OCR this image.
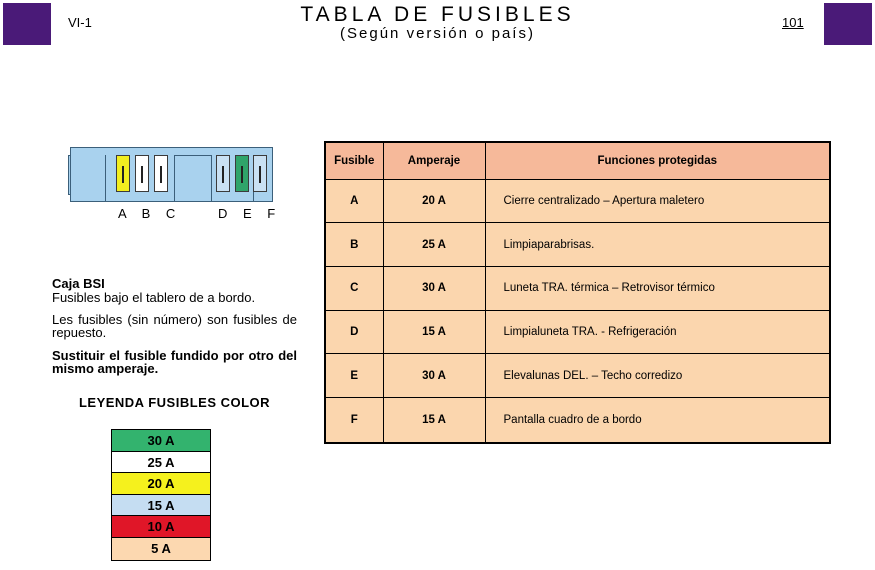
VI-1	TABLA DE FUSIBLES
(Según versión o país)
101
A B C	D E F
Caja BSI
Fusibles bajo el tablero de a bordo.
Les fusibles (sin número) son fusibles de repuesto.
Sustituir el fusible fundido por otro del mismo amperaje.
LEYENDA FUSIBLES COLOR
30 A
25 A
20 A
15 A
10 A
5 A
Fusible	Amperaje	Funciones protegidas
A	20 A	Cierre centralizado – Apertura maletero
B	25 A	Limpiaparabrisas.
C	30 A	Luneta TRA. térmica – Retrovisor térmico
D	15 A	Limpialuneta TRA. - Refrigeración
E	30 A	Elevalunas DEL. – Techo corredizo
F	15 A	Pantalla cuadro de a bordo
